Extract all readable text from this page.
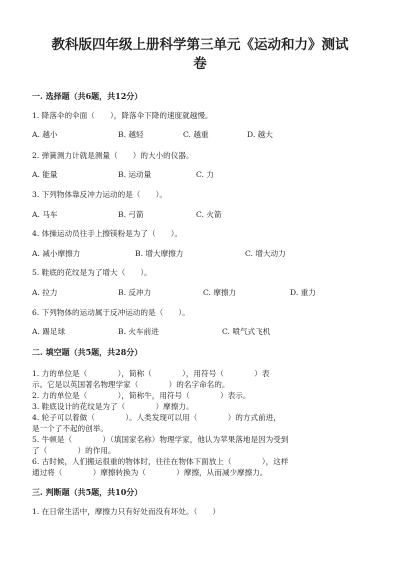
教科版四年级上册科学第三单元《运动和力》测试
卷
一. 选择题（共6题，共12分）
1. 降落伞的伞面（　　），降落伞下降的速度就越慢。
A. 越小	B. 越轻	C. 越重	D. 越大
2. 弹簧测力计就是测量（　　）的大小的仪器。
A. 能量	B. 运动量	C. 力
3. 下列物体靠反冲力运动的是（　　）。
A. 马车	B. 弓箭	C. 火箭
4. 体操运动员往手上擦镁粉是为了（　　）。
A. 减小摩擦力	B. 增大摩擦力	C. 增大动力
5. 鞋底的花纹是为了增大（　　）。
A. 拉力	B. 反冲力	C. 摩擦力	D. 重力
6. 下列物体的运动属于反冲运动的是（　　）。
A. 踢足球	B. 火车前进	C. 喷气式飞机
二. 填空题（共5题，共28分）
1. 力的单位是（　　　　），简称（　　　　），用符号（　　　　）表
示。它是以英国著名物理学家（　　　　）的名字命名的。
2. 力的单位是（　　　　），简称牛，用符号（　　　　）表示。
3. 鞋底设计的花纹是为了（　　　　）摩擦力。
4. 轮子可以着做（　　　　）。人类发现可以用（　　　　）的方式前进，
是一个了不起的创举。
5. 牛顿是（　　　　）（填国家名称）物理学家，他认为苹果落地是因为受到
了（　　　　）的作用。
6. 古时候，人们搬运很重的物体时，往往在物体下面放上（　　　　），这样
通过将（　　　　）摩擦转换为（　　　　）摩擦，从而减少摩擦力。
三. 判断题（共5题，共10分）
1. 在日常生活中，摩擦力只有好处而没有坏处。（　　）
